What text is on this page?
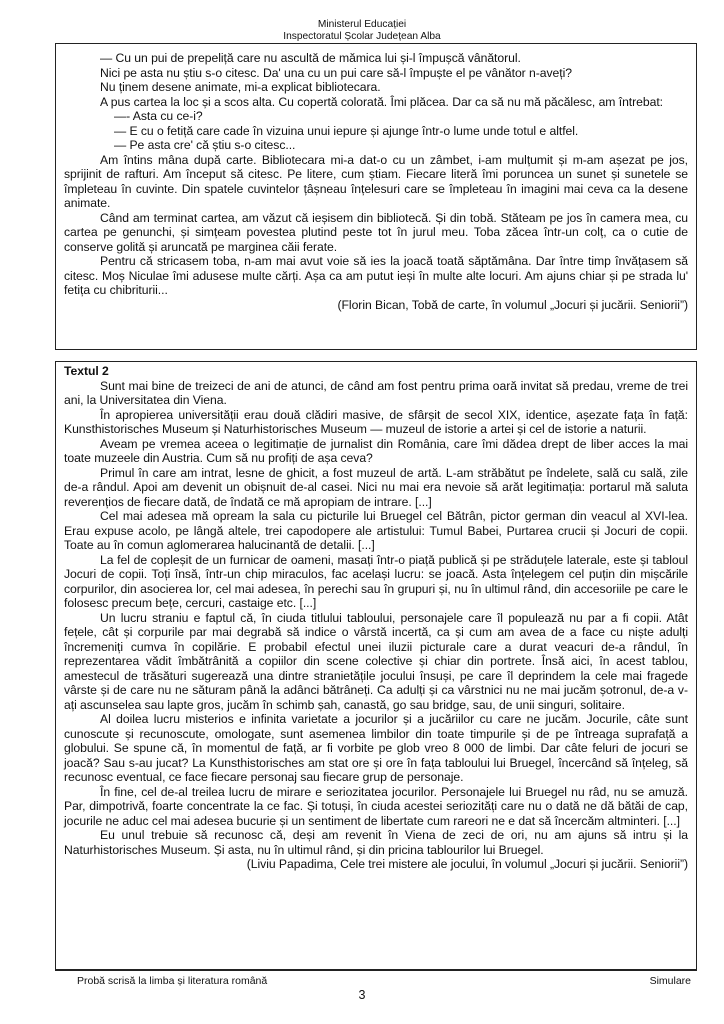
Ministerul Educației
Inspectoratul Școlar Județean Alba

— Cu un pui de prepeliță care nu ascultă de mămica lui și-l împușcă vânătorul.

Nici pe asta nu știu s-o citesc. Da' una cu un pui care să-l împuște el pe vânător n-aveți?

Nu ținem desene animate, mi-a explicat bibliotecara.

A pus cartea la loc și a scos alta. Cu copertă colorată. Îmi plăcea. Dar ca să nu mă păcălesc, am întrebat:

—- Asta cu ce-i?

— E cu o fetiță care cade în vizuina unui iepure și ajunge într-o lume unde totul e altfel.

— Pe asta cre' că știu s-o citesc...

Am întins mâna după carte. Bibliotecara mi-a dat-o cu un zâmbet, i-am mulțumit și m-am așezat pe jos, sprijinit de rafturi. Am început să citesc. Pe litere, cum știam. Fiecare literă îmi poruncea un sunet și sunetele se împleteau în cuvinte. Din spatele cuvintelor țâșneau înțelesuri care se împleteau în imagini mai ceva ca la desene animate.

Când am terminat cartea, am văzut că ieșisem din bibliotecă. Și din tobă. Stăteam pe jos în camera mea, cu cartea pe genunchi, și simțeam povestea plutind peste tot în jurul meu. Toba zăcea într-un colț, ca o cutie de conserve golită și aruncată pe marginea căii ferate.

Pentru că stricasem toba, n-am mai avut voie să ies la joacă toată săptămâna. Dar între timp învățasem să citesc. Moș Niculae îmi adusese multe cărți. Așa ca am putut ieși în multe alte locuri. Am ajuns chiar și pe strada lu' fetița cu chibriturii...

(Florin Bican, Tobă de carte, în volumul „Jocuri și jucării. Seniorii”)

Textul 2

Sunt mai bine de treizeci de ani de atunci, de când am fost pentru prima oară invitat să predau, vreme de trei ani, la Universitatea din Viena.

În apropierea universității erau două clădiri masive, de sfârșit de secol XIX, identice, așezate fața în față: Kunsthistorisches Museum și Naturhistorisches Museum — muzeul de istorie a artei și cel de istorie a naturii.

Aveam pe vremea aceea o legitimație de jurnalist din România, care îmi dădea drept de liber acces la mai toate muzeele din Austria. Cum să nu profiți de așa ceva?

Primul în care am intrat, lesne de ghicit, a fost muzeul de artă. L-am străbătut pe îndelete, sală cu sală, zile de-a rândul. Apoi am devenit un obișnuit de-al casei. Nici nu mai era nevoie să arăt legitimația: portarul mă saluta reverențios de fiecare dată, de îndată ce mă apropiam de intrare. [...]

Cel mai adesea mă opream la sala cu picturile lui Bruegel cel Bătrân, pictor german din veacul al XVI-lea. Erau expuse acolo, pe lângă altele, trei capodopere ale artistului: Tumul Babei, Purtarea crucii și Jocuri de copii. Toate au în comun aglomerarea halucinantă de detalii. [...]

La fel de copleșit de un furnicar de oameni, masați într-o piață publică și pe străduțele laterale, este și tabloul Jocuri de copii. Toți însă, într-un chip miraculos, fac același lucru: se joacă. Asta înțelegem cel puțin din mișcările corpurilor, din asocierea lor, cel mai adesea, în perechi sau în grupuri și, nu în ultimul rând, din accesoriile pe care le folosesc precum bețe, cercuri, castaige etc. [...]

Un lucru straniu e faptul că, în ciuda titlului tabloului, personajele care îl populează nu par a fi copii. Atât fețele, cât și corpurile par mai degrabă să indice o vârstă incertă, ca și cum am avea de a face cu niște adulți încremeniți cumva în copilărie. E probabil efectul unei iluzii picturale care a durat veacuri de-a rândul, în reprezentarea vădit îmbătrânită a copiilor din scene colective și chiar din portrete. Însă aici, în acest tablou, amestecul de trăsături sugerează una dintre stranietățile jocului însuși, pe care îl deprindem la cele mai fragede vârste și de care nu ne săturam până la adânci bătrâneți. Ca adulți și ca vârstnici nu ne mai jucăm șotronul, de-a v-ați ascunselea sau lapte gros, jucăm în schimb șah, canastă, go sau bridge, sau, de unii singuri, solitaire.

Al doilea lucru misterios e infinita varietate a jocurilor și a jucăriilor cu care ne jucăm. Jocurile, câte sunt cunoscute și recunoscute, omologate, sunt asemenea limbilor din toate timpurile și de pe întreaga suprafață a globului. Se spune că, în momentul de față, ar fi vorbite pe glob vreo 8 000 de limbi. Dar câte feluri de jocuri se joacă? Sau s-au jucat? La Kunsthistorisches am stat ore și ore în fața tabloului lui Bruegel, încercând să înțeleg, să recunosc eventual, ce face fiecare personaj sau fiecare grup de personaje.

În fine, cel de-al treilea lucru de mirare e seriozitatea jocurilor. Personajele lui Bruegel nu râd, nu se amuză. Par, dimpotrivă, foarte concentrate la ce fac. Și totuși, în ciuda acestei seriozități care nu o dată ne dă bătăi de cap, jocurile ne aduc cel mai adesea bucurie și un sentiment de libertate cum rareori ne e dat să încercăm altminteri. [...]

Eu unul trebuie să recunosc că, deși am revenit în Viena de zeci de ori, nu am ajuns să intru și la Naturhistorisches Museum. Și asta, nu în ultimul rând, și din pricina tablourilor lui Bruegel.

(Liviu Papadima, Cele trei mistere ale jocului, în volumul „Jocuri și jucării. Seniorii”)

Probă scrisă la limba și literatura română	Simulare
3
